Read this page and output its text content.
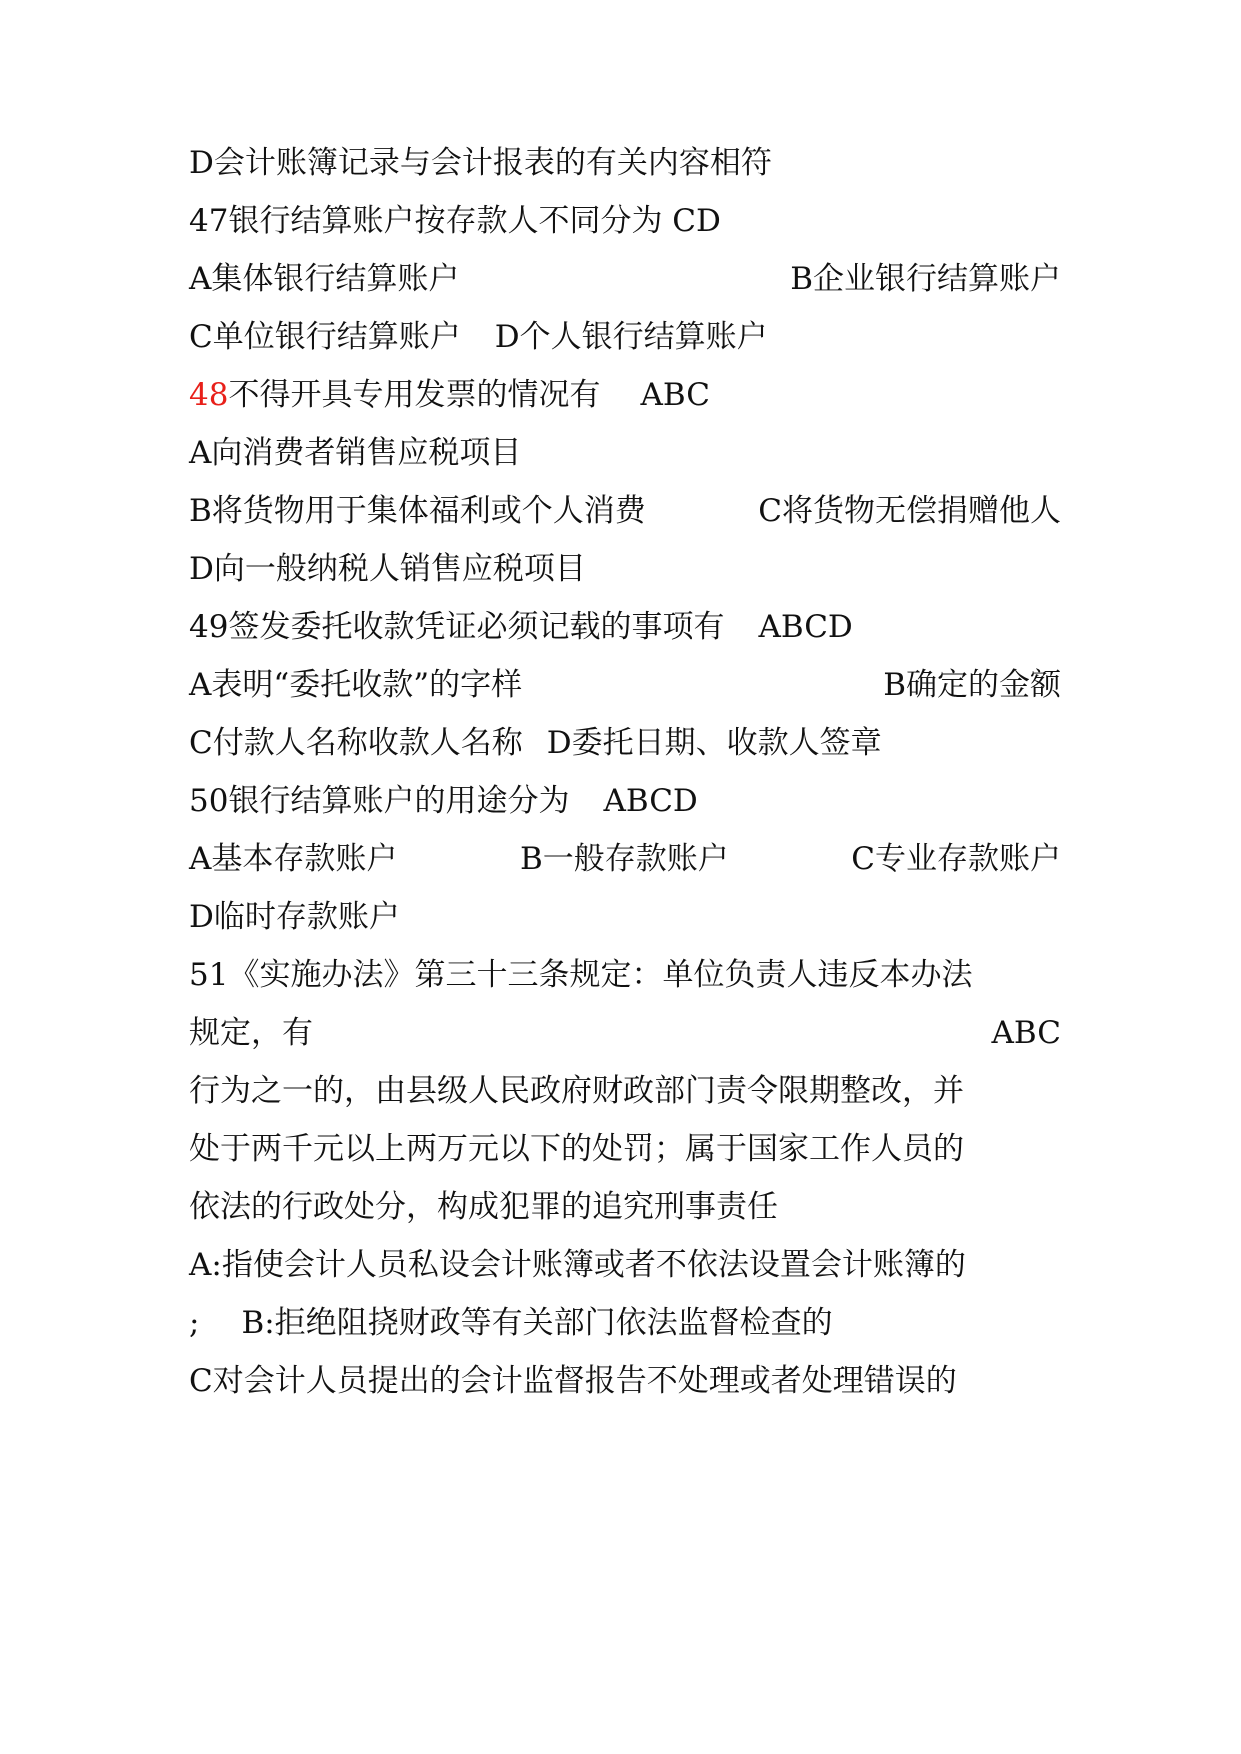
D会计账簿记录与会计报表的有关内容相符
47银行结算账户按存款人不同分为 CD
A集体银行结算账户	B企业银行结算账户
C单位银行结算账户 D个人银行结算账户
48不得开具专用发票的情况有 ABC
A向消费者销售应税项目
B将货物用于集体福利或个人消费	C将货物无偿捐赠他人
D向一般纳税人销售应税项目
49签发委托收款凭证必须记载的事项有 ABCD
A表明“委托收款”的字样	B确定的金额
C付款人名称收款人名称 D委托日期、收款人签章
50银行结算账户的用途分为 ABCD
A基本存款账户	B一般存款账户	C专业存款账户
D临时存款账户
51《实施办法》第三十三条规定：单位负责人违反本办法
规定，有	ABC
行为之一的，由县级人民政府财政部门责令限期整改，并
处于两千元以上两万元以下的处罚；属于国家工作人员的
依法的行政处分，构成犯罪的追究刑事责任
A:指使会计人员私设会计账簿或者不依法设置会计账簿的
; B:拒绝阻挠财政等有关部门依法监督检查的
C对会计人员提出的会计监督报告不处理或者处理错误的
